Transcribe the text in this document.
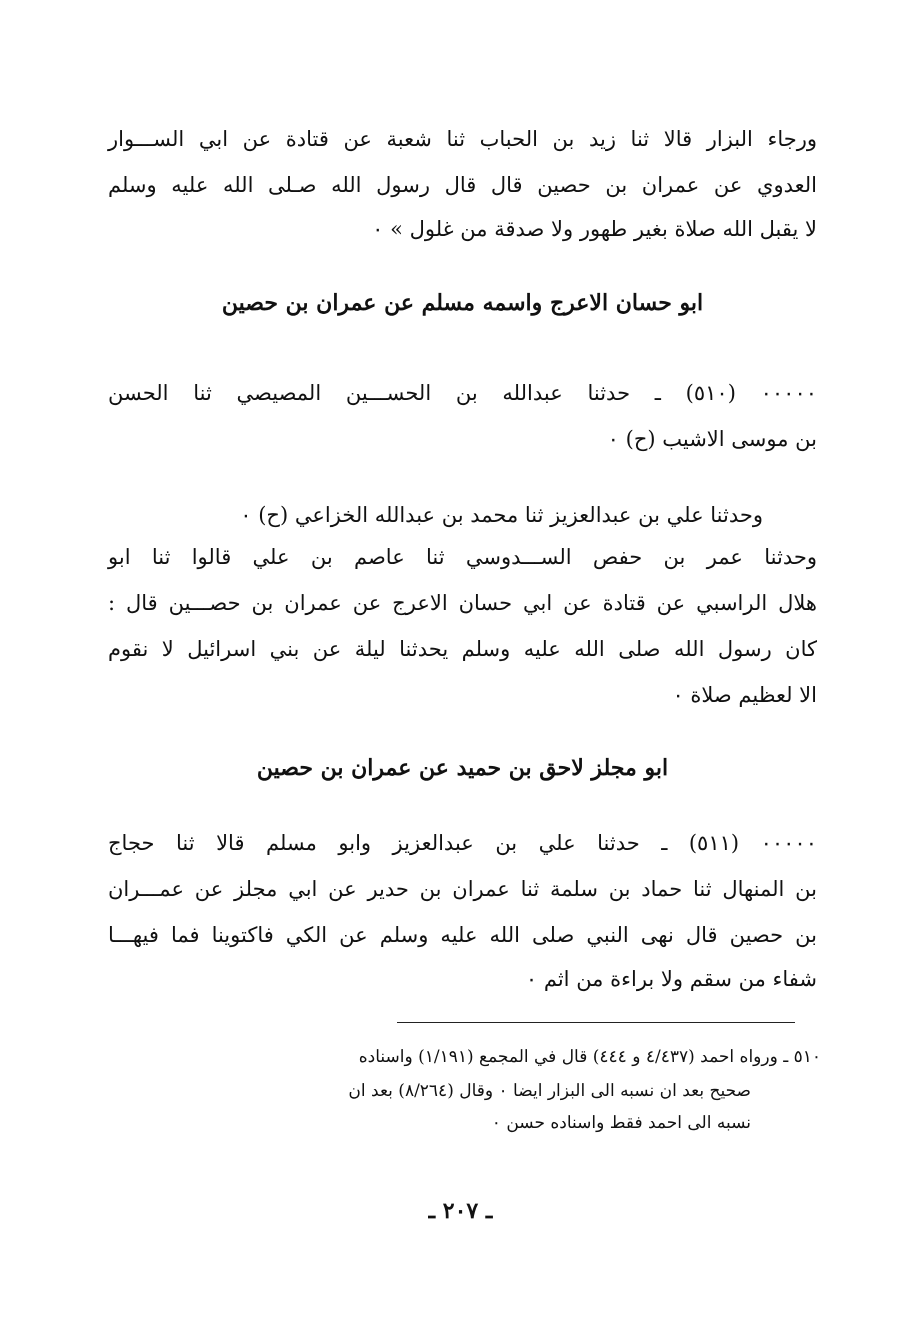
ورجاء البزار قالا ثنا زيد بن الحباب ثنا شعبة عن قتادة عن ابي الســـوار
العدوي عن عمران بن حصين قال قال رسول الله صـلى الله عليه وسلم
لا يقبل الله صلاة بغير طهور ولا صدقة من غلول » ٠
ابو حسان الاعرج واسمه مسلم عن عمران بن حصين
٠٠٠٠٠ (٥١٠) ـ حدثنا عبدالله بن الحســـين المصيصي ثنا الحسن
بن موسى الاشيب (ح) ٠
وحدثنا علي بن عبدالعزيز ثنا محمد بن عبدالله الخزاعي (ح) ٠
وحدثنا عمر بن حفص الســـدوسي ثنا عاصم بن علي قالوا ثنا ابو
هلال الراسبي عن قتادة عن ابي حسان الاعرج عن عمران بن حصـــين قال :
كان رسول الله صلى الله عليه وسلم يحدثنا ليلة عن بني اسرائيل لا نقوم
الا لعظيم صلاة ٠
ابو مجلز لاحق بن حميد عن عمران بن حصين
٠٠٠٠٠ (٥١١) ـ حدثنا علي بن عبدالعزيز وابو مسلم قالا ثنا حجاج
بن المنهال ثنا حماد بن سلمة ثنا عمران بن حدير عن ابي مجلز عن عمـــران
بن حصين قال نهى النبي صلى الله عليه وسلم عن الكي فاكتوينا فما فيهـــا
شفاء من سقم ولا براءة من اثم ٠
٥١٠ ـ ورواه احمد (٤/٤٣٧ و ٤٤٤) قال في المجمع (١/١٩١) واسناده
صحيح بعد ان نسبه الى البزار ايضا ٠ وقال (٨/٢٦٤) بعد ان
نسبه الى احمد فقط واسناده حسن ٠
ـ ٢٠٧ ـ
